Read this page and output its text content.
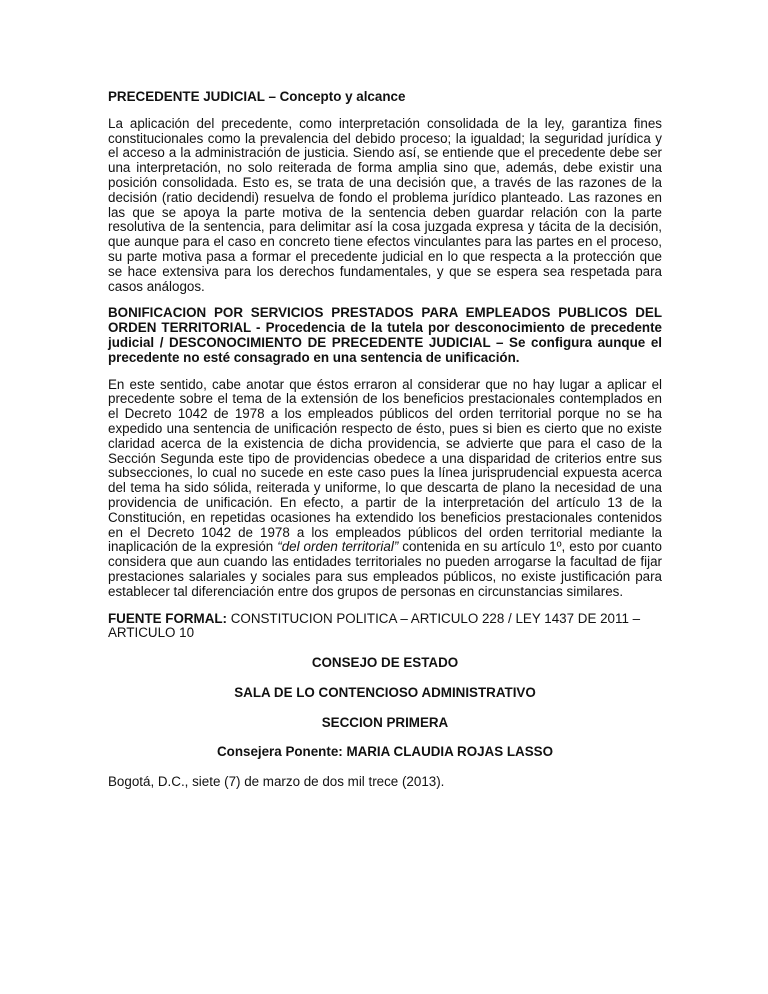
PRECEDENTE JUDICIAL – Concepto y alcance

La aplicación del precedente, como interpretación consolidada de la ley, garantiza fines constitucionales como la prevalencia del debido proceso; la igualdad; la seguridad jurídica y el acceso a la administración de justicia. Siendo así, se entiende que el precedente debe ser una interpretación, no solo reiterada de forma amplia sino que, además, debe existir una posición consolidada. Esto es, se trata de una decisión que, a través de las razones de la decisión (ratio decidendi) resuelva de fondo el problema jurídico planteado. Las razones en las que se apoya la parte motiva de la sentencia deben guardar relación con la parte resolutiva de la sentencia, para delimitar así la cosa juzgada expresa y tácita de la decisión, que aunque para el caso en concreto tiene efectos vinculantes para las partes en el proceso, su parte motiva pasa a formar el precedente judicial en lo que respecta a la protección que se hace extensiva para los derechos fundamentales, y que se espera sea respetada para casos análogos.

BONIFICACION POR SERVICIOS PRESTADOS PARA EMPLEADOS PUBLICOS DEL ORDEN TERRITORIAL - Procedencia de la tutela por desconocimiento de precedente judicial / DESCONOCIMIENTO DE PRECEDENTE JUDICIAL – Se configura aunque el precedente no esté consagrado en una sentencia de unificación.

En este sentido, cabe anotar que éstos erraron al considerar que no hay lugar a aplicar el precedente sobre el tema de la extensión de los beneficios prestacionales contemplados en el Decreto 1042 de 1978 a los empleados públicos del orden territorial porque no se ha expedido una sentencia de unificación respecto de ésto, pues si bien es cierto que no existe claridad acerca de la existencia de dicha providencia, se advierte que para el caso de la Sección Segunda este tipo de providencias obedece a una disparidad de criterios entre sus subsecciones, lo cual no sucede en este caso pues la línea jurisprudencial expuesta acerca del tema ha sido sólida, reiterada y uniforme, lo que descarta de plano la necesidad de una providencia de unificación. En efecto, a partir de la interpretación del artículo 13 de la Constitución, en repetidas ocasiones ha extendido los beneficios prestacionales contenidos en el Decreto 1042 de 1978 a los empleados públicos del orden territorial mediante la inaplicación de la expresión “del orden territorial” contenida en su artículo 1º, esto por cuanto considera que aun cuando las entidades territoriales no pueden arrogarse la facultad de fijar prestaciones salariales y sociales para sus empleados públicos, no existe justificación para establecer tal diferenciación entre dos grupos de personas en circunstancias similares.

FUENTE FORMAL: CONSTITUCION POLITICA – ARTICULO 228 / LEY 1437 DE 2011 – ARTICULO 10

CONSEJO DE ESTADO

SALA DE LO CONTENCIOSO ADMINISTRATIVO

SECCION PRIMERA

Consejera Ponente: MARIA CLAUDIA ROJAS LASSO

Bogotá, D.C., siete (7) de marzo de dos mil trece (2013).
